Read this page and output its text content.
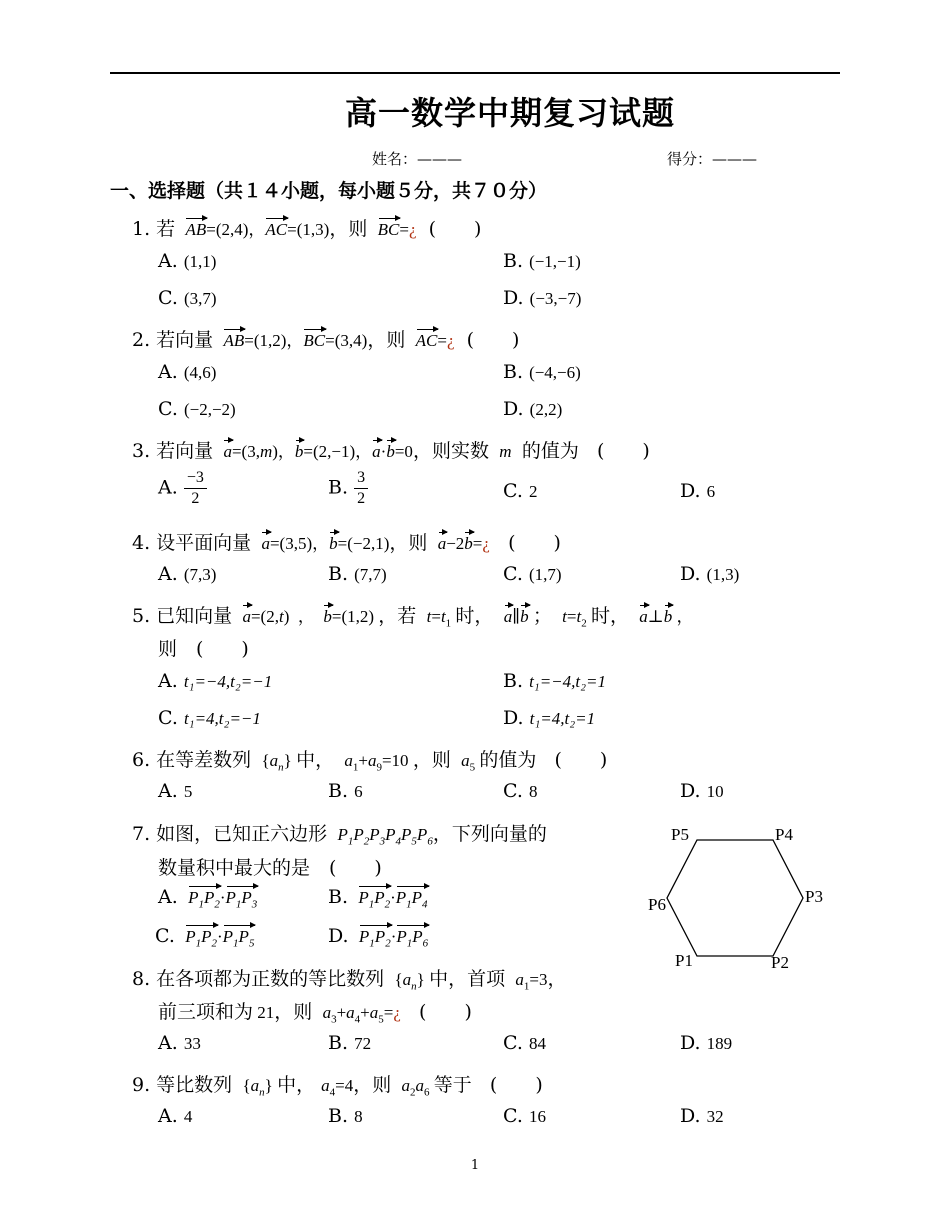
高一数学中期复习试题
姓名：———	得分：———
一、选择题（共１４小题，每小题５分，共７０分）
1. 若 AB=(2,4)，AC=(1,3)，则 BC=¿ (　　)
A. (1,1)	B. (−1,−1)
C. (3,7)	D. (−3,−7)
2. 若向量 AB=(1,2)，BC=(3,4)，则 AC=¿ (　　)
A. (4,6)	B. (−4,−6)
C. (−2,−2)	D. (2,2)
3. 若向量 a=(3,m)，b=(2,−1)，a·b=0，则实数  m  的值为 (　　)
A. $\frac{-3}{2}$	B. $\frac{3}{2}$	C. 2	D. 6
4. 设平面向量 a=(3,5)，b=(−2,1)，则 a−2b=¿ (　　)
A. (7,3)	B. (7,7)	C. (1,7)	D. (1,3)
5. 已知向量 a=(2,t)  ，  b=(1,2) ，若 $t=t_1$ 时， a∥b ； $t=t_2$ 时， a⊥b ，
则　(　　)
A. t₁=−4,t₂=−1	B. t₁=−4,t₂=1
C. t₁=4,t₂=−1	D. t₁=4,t₂=1
6. 在等差数列  $\{a_n\}$ 中， $a_1+a_9=10$ ，则 $a_5$ 的值为 (　　)
A. 5	B. 6	C. 8	D. 10
7. 如图，已知正六边形  $P_1P_2P_3P_4P_5P_6$，下列向量的
数量积中最大的是　(　　)
A. $P_1P_2\cdot P_1P_3$	B. $P_1P_2\cdot P_1P_4$
C. $P_1P_2\cdot P_1P_5$	D. $P_1P_2\cdot P_1P_6$
P5	P4
P6	P3
P1	P2
8. 在各项都为正数的等比数列  $\{a_n\}$ 中，首项 $a_1=3$，
前三项和为 21，则 $a_3+a_4+a_5=¿$ (　　)
A. 33	B. 72	C. 84	D. 189
9. 等比数列  $\{a_n\}$ 中， $a_4=4$，则 $a_2a_6$ 等于 (　　)
A. 4	B. 8	C. 16	D. 32
1
